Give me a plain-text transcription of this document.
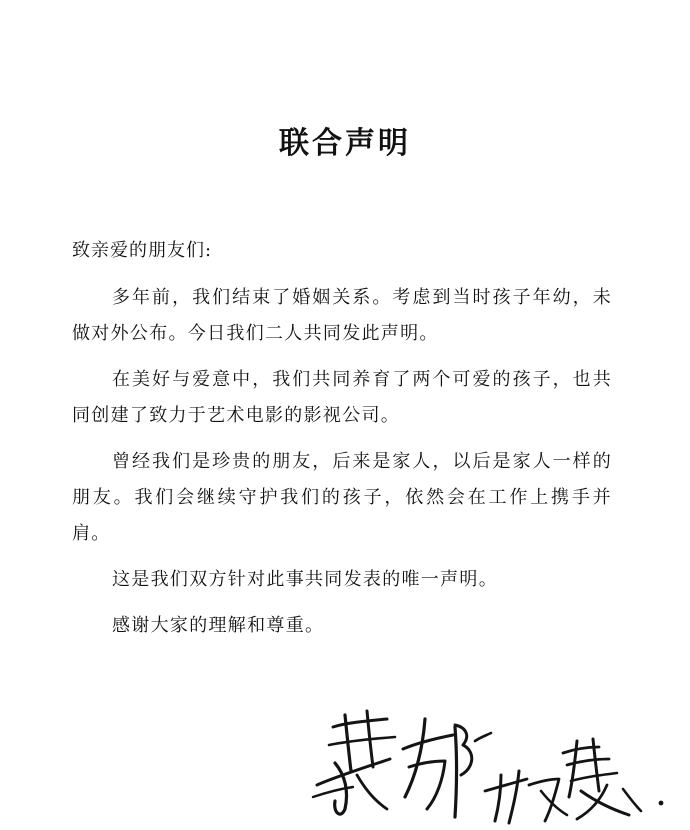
联合声明
致亲爱的朋友们:

多年前，我们结束了婚姻关系。考虑到当时孩子年幼，未做对外公布。今日我们二人共同发此声明。

在美好与爱意中，我们共同养育了两个可爱的孩子，也共同创建了致力于艺术电影的影视公司。

曾经我们是珍贵的朋友，后来是家人，以后是家人一样的朋友。我们会继续守护我们的孩子，依然会在工作上携手并肩。

这是我们双方针对此事共同发表的唯一声明。

感谢大家的理解和尊重。
